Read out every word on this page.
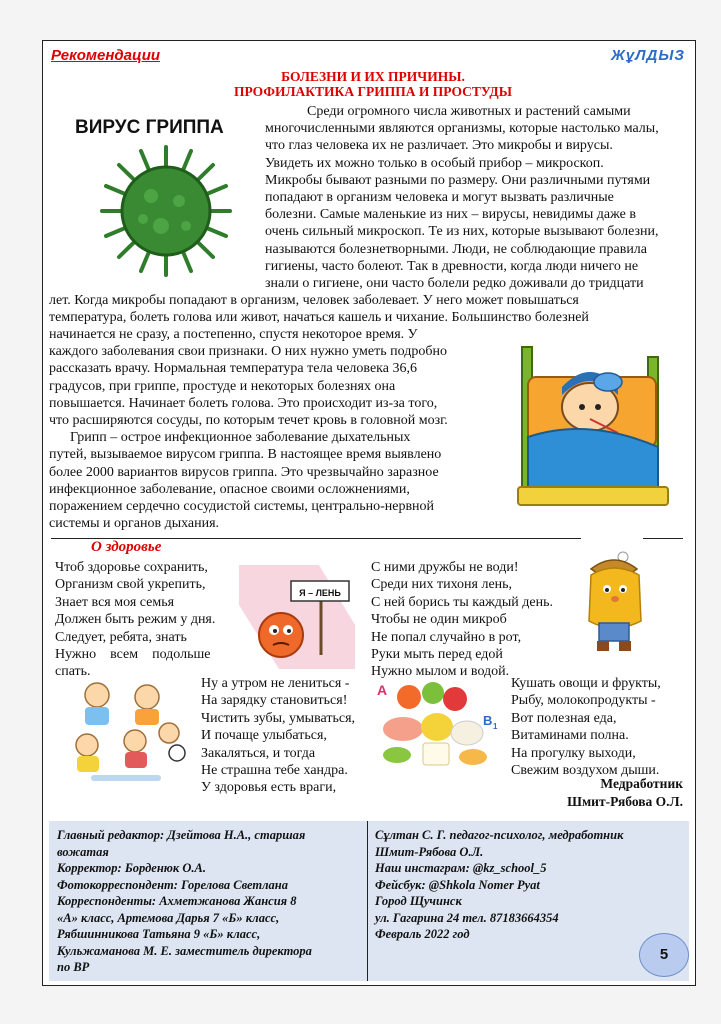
Рекомендации	ЖұЛДЫЗ
БОЛЕЗНИ И ИХ ПРИЧИНЫ.
ПРОФИЛАКТИКА ГРИППА И ПРОСТУДЫ
ВИРУС ГРИППА
Среди огромного числа животных и растений самыми
многочисленными являются организмы, которые настолько малы,
что глаз человека их не различает. Это микробы и вирусы.
Увидеть их можно только в особый прибор – микроскоп.
Микробы бывают разными по размеру. Они различными путями
попадают в организм человека и могут вызвать различные
болезни. Самые маленькие из них – вирусы, невидимы даже в
очень сильный микроскоп. Те из них, которые вызывают болезни,
называются болезнетворными. Люди, не соблюдающие правила
гигиены, часто болеют. Так в древности, когда люди ничего не
знали о гигиене, они часто болели редко доживали до тридцати
лет. Когда микробы попадают в организм, человек заболевает. У него может повышаться
температура, болеть голова или живот, начаться кашель и чихание. Большинство болезней
начинается не сразу, а постепенно, спустя некоторое время. У
каждого заболевания свои признаки. О них нужно уметь подробно
рассказать врачу. Нормальная температура тела человека 36,6
градусов, при гриппе, простуде и некоторых болезнях она
повышается. Начинает болеть голова. Это происходит из-за того,
что расширяются сосуды, по которым течет кровь в головной мозг.
Грипп – острое инфекционное заболевание дыхательных
путей, вызываемое вирусом гриппа. В настоящее время выявлено
более 2000 вариантов вирусов гриппа. Это чрезвычайно заразное
инфекционное заболевание, опасное своими осложнениями,
поражением сердечно сосудистой системы, центрально-нервной
системы и органов дыхания.
О здоровье
Чтоб здоровье сохранить,
Организм свой укрепить,
Знает вся моя семья
Должен быть режим у дня.
Следует, ребята, знать
Нужно    всем    подольше
спать.
Я – ЛЕНЬ
С ними дружбы не води!
Среди них тихоня лень,
С ней борись ты каждый день.
Чтобы не один микроб
Не попал случайно в рот,
Руки мыть перед едой
Нужно мылом и водой.
Ну а утром не лениться -
На зарядку становиться!
Чистить зубы, умываться,
И почаще улыбаться,
Закаляться, и тогда
Не страшна тебе хандра.
У здоровья есть враги,
A
B 1
Кушать овощи и фрукты,
Рыбу, молокопродукты -
Вот полезная еда,
Витаминами полна.
На прогулку выходи,
Свежим воздухом дыши.
Медработник
Шмит-Рябова О.Л.
Главный редактор: Дзейтова Н.А., старшая
вожатая
Корректор: Борденюк О.А.
Фотокорреспондент: Горелова Светлана
Корреспонденты: Ахметжанова Жансия 8
«А» класс, Артемова Дарья 7 «Б» класс,
Рябшинникова Татьяна 9 «Б» класс,
Кульжаманова М. Е. заместитель директора
по ВР
Сұлтан С. Г. педагог-психолог, медработник
Шмит-Рябова О.Л.
Наш инстаграм: @kz_school_5
Фейсбук: @Shkola Nomer Pyat
Город Щучинск
ул. Гагарина 24 тел. 87183664354
Февраль 2022 год
5
